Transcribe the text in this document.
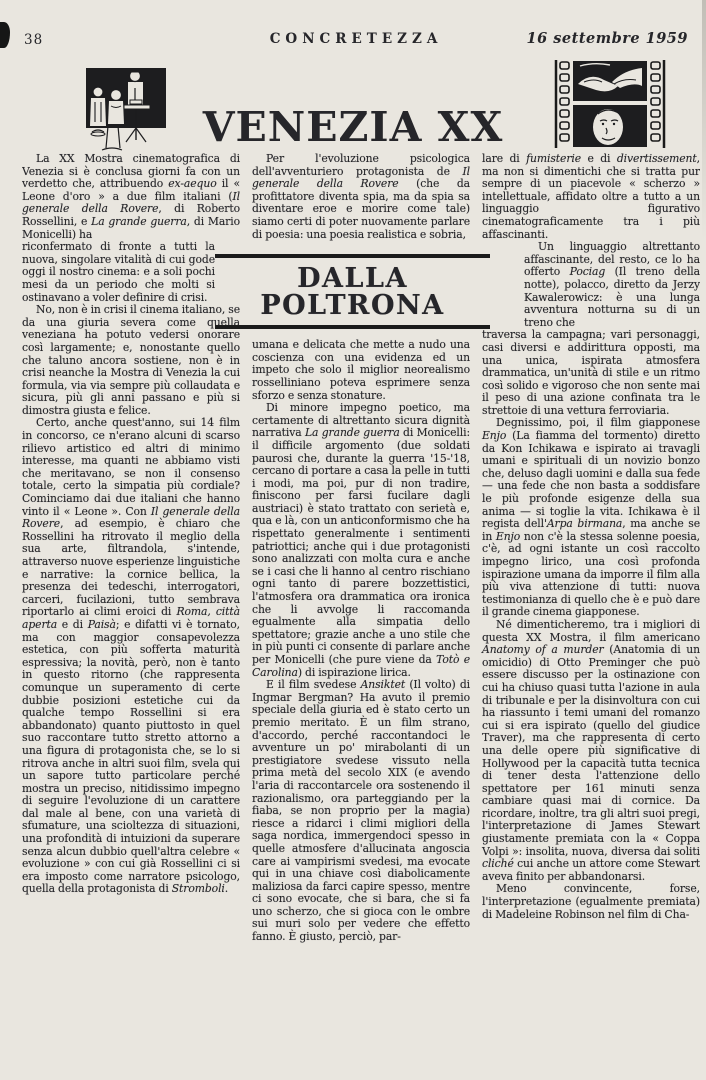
38	CONCRETEZZA	16 settembre 1959
VENEZIA XX

La XX Mostra cinematografica di Venezia si è conclusa giorni fa con un verdetto che, attribuendo ex-aequo il « Leone d'oro » a due film italiani (Il generale della Rovere, di Roberto Rossellini, e La grande guerra, di Mario Monicelli) ha

riconfermato di fronte a tutti la nuova, singolare vitalità di cui gode oggi il nostro cinema: e a soli pochi mesi da un periodo che molti si ostinavano a voler definire di crisi.

No, non è in crisi il cinema italiano, se da una giuria severa come quella veneziana ha potuto vedersi onorare così largamente; e, nonostante quello che taluno ancora sostiene, non è in crisi neanche la Mostra di Venezia la cui formula, via via sempre più collaudata e sicura, più gli anni passano e più si dimostra giusta e felice.

Certo, anche quest'anno, sui 14 film in concorso, ce n'erano alcuni di scarso rilievo artistico ed altri di minimo interesse, ma quanti ne abbiamo visti che meritavano, se non il consenso totale, certo la simpatia più cordiale? Cominciamo dai due italiani che hanno vinto il « Leone ». Con Il generale della Rovere, ad esempio, è chiaro che Rossellini ha ritrovato il meglio della sua arte, filtrandola, s'intende, attraverso nuove esperienze linguistiche e narrative: la cornice bellica, la presenza dei tedeschi, interrogatori, carceri, fucilazioni, tutto sembrava riportarlo ai climi eroici di Roma, città aperta e di Paisà; e difatti vi è tornato, ma con maggior consapevolezza estetica, con più sofferta maturità espressiva; la novità, però, non è tanto in questo ritorno (che rappresenta comunque un superamento di certe dubbie posizioni estetiche cui da qualche tempo Rossellini si era abbandonato) quanto piuttosto in quel suo raccontare tutto stretto attorno a una figura di protagonista che, se lo si ritrova anche in altri suoi film, svela qui un sapore tutto particolare perché mostra un preciso, nitidissimo impegno di seguire l'evoluzione di un carattere dal male al bene, con una varietà di sfumature, una scioltezza di situazioni, una profondità di intuizioni da superare senza alcun dubbio quell'altra celebre « evoluzione » con cui già Rossellini ci si era imposto come narratore psicologo, quella della protagonista di Stromboli.

Per l'evoluzione psicologica dell'avventuriero protagonista de Il generale della Rovere (che da profittatore diventa spia, ma da spia sa diventare eroe e morire come tale) siamo certi di poter nuovamente parlare di poesia: una poesia realistica e sobria,

DALLA POLTRONA

umana e delicata che mette a nudo una coscienza con una evidenza ed un impeto che solo il miglior neorealismo rosselliniano poteva esprimere senza sforzo e senza stonature.

Di minore impegno poetico, ma certamente di altrettanto sicura dignità narrativa La grande guerra di Monicelli: il difficile argomento (due soldati paurosi che, durante la guerra '15-'18, cercano di portare a casa la pelle in tutti i modi, ma poi, pur di non tradire, finiscono per farsi fucilare dagli austriaci) è stato trattato con serietà e, qua e là, con un anticonformismo che ha rispettato generalmente i sentimenti patriottici; anche qui i due protagonisti sono analizzati con molta cura e anche se i casi che li hanno al centro rischiano ogni tanto di parere bozzettistici, l'atmosfera ora drammatica ora ironica che li avvolge li raccomanda egualmente alla simpatia dello spettatore; grazie anche a uno stile che in più punti ci consente di parlare anche per Monicelli (che pure viene da Totò e Carolina) di ispirazione lirica.

E il film svedese Ansiktet (Il volto) di Ingmar Bergman? Ha avuto il premio speciale della giuria ed è stato certo un premio meritato. È un film strano, d'accordo, perché raccontandoci le avventure un po' mirabolanti di un prestigiatore svedese vissuto nella prima metà del secolo XIX (e avendo l'aria di raccontarcele ora sostenendo il razionalismo, ora parteggiando per la fiaba, se non proprio per la magia) riesce a ridarci i climi migliori della saga nordica, immergendoci spesso in quelle atmosfere d'allucinata angoscia care ai vampirismi svedesi, ma evocate qui in una chiave così diabolicamente maliziosa da farci capire spesso, mentre ci sono evocate, che si bara, che si fa uno scherzo, che si gioca con le ombre sui muri solo per vedere che effetto fanno. È giusto, perciò, par-

lare di fumisterie e di divertissement, ma non si dimentichi che si tratta pur sempre di un piacevole « scherzo » intellettuale, affidato oltre a tutto a un linguaggio figurativo cinematograficamente tra i più affascinanti.

Un linguaggio altrettanto affascinante, del resto, ce lo ha offerto Pociag (Il treno della notte), polacco, diretto da Jerzy Kawalerowicz: è una lunga avventura notturna su di un treno che

traversa la campagna; vari personaggi, casi diversi e addirittura opposti, ma una unica, ispirata atmosfera drammatica, un'unità di stile e un ritmo così solido e vigoroso che non sente mai il peso di una azione confinata tra le strettoie di una vettura ferroviaria.

Degnissimo, poi, il film giapponese Enjo (La fiamma del tormento) diretto da Kon Ichikawa e ispirato ai travagli umani e spirituali di un novizio bonzo che, deluso dagli uomini e dalla sua fede — una fede che non basta a soddisfare le più profonde esigenze della sua anima — si toglie la vita. Ichikawa è il regista dell'Arpa birmana, ma anche se in Enjo non c'è la stessa solenne poesia, c'è, ad ogni istante un così raccolto impegno lirico, una così profonda ispirazione umana da imporre il film alla più viva attenzione di tutti: nuova testimonianza di quello che è e può dare il grande cinema giapponese.

Né dimenticheremo, tra i migliori di questa XX Mostra, il film americano Anatomy of a murder (Anatomia di un omicidio) di Otto Preminger che può essere discusso per la ostinazione con cui ha chiuso quasi tutta l'azione in aula di tribunale e per la disinvoltura con cui ha riassunto i temi umani del romanzo cui si era ispirato (quello del giudice Traver), ma che rappresenta di certo una delle opere più significative di Hollywood per la capacità tutta tecnica di tener desta l'attenzione dello spettatore per 161 minuti senza cambiare quasi mai di cornice. Da ricordare, inoltre, tra gli altri suoi pregi, l'interpretazione di James Stewart giustamente premiata con la « Coppa Volpi »: insolita, nuova, diversa dai soliti cliché cui anche un attore come Stewart aveva finito per abbandonarsi.

Meno convincente, forse, l'interpretazione (egualmente premiata) di Madeleine Robinson nel film di Cha-
